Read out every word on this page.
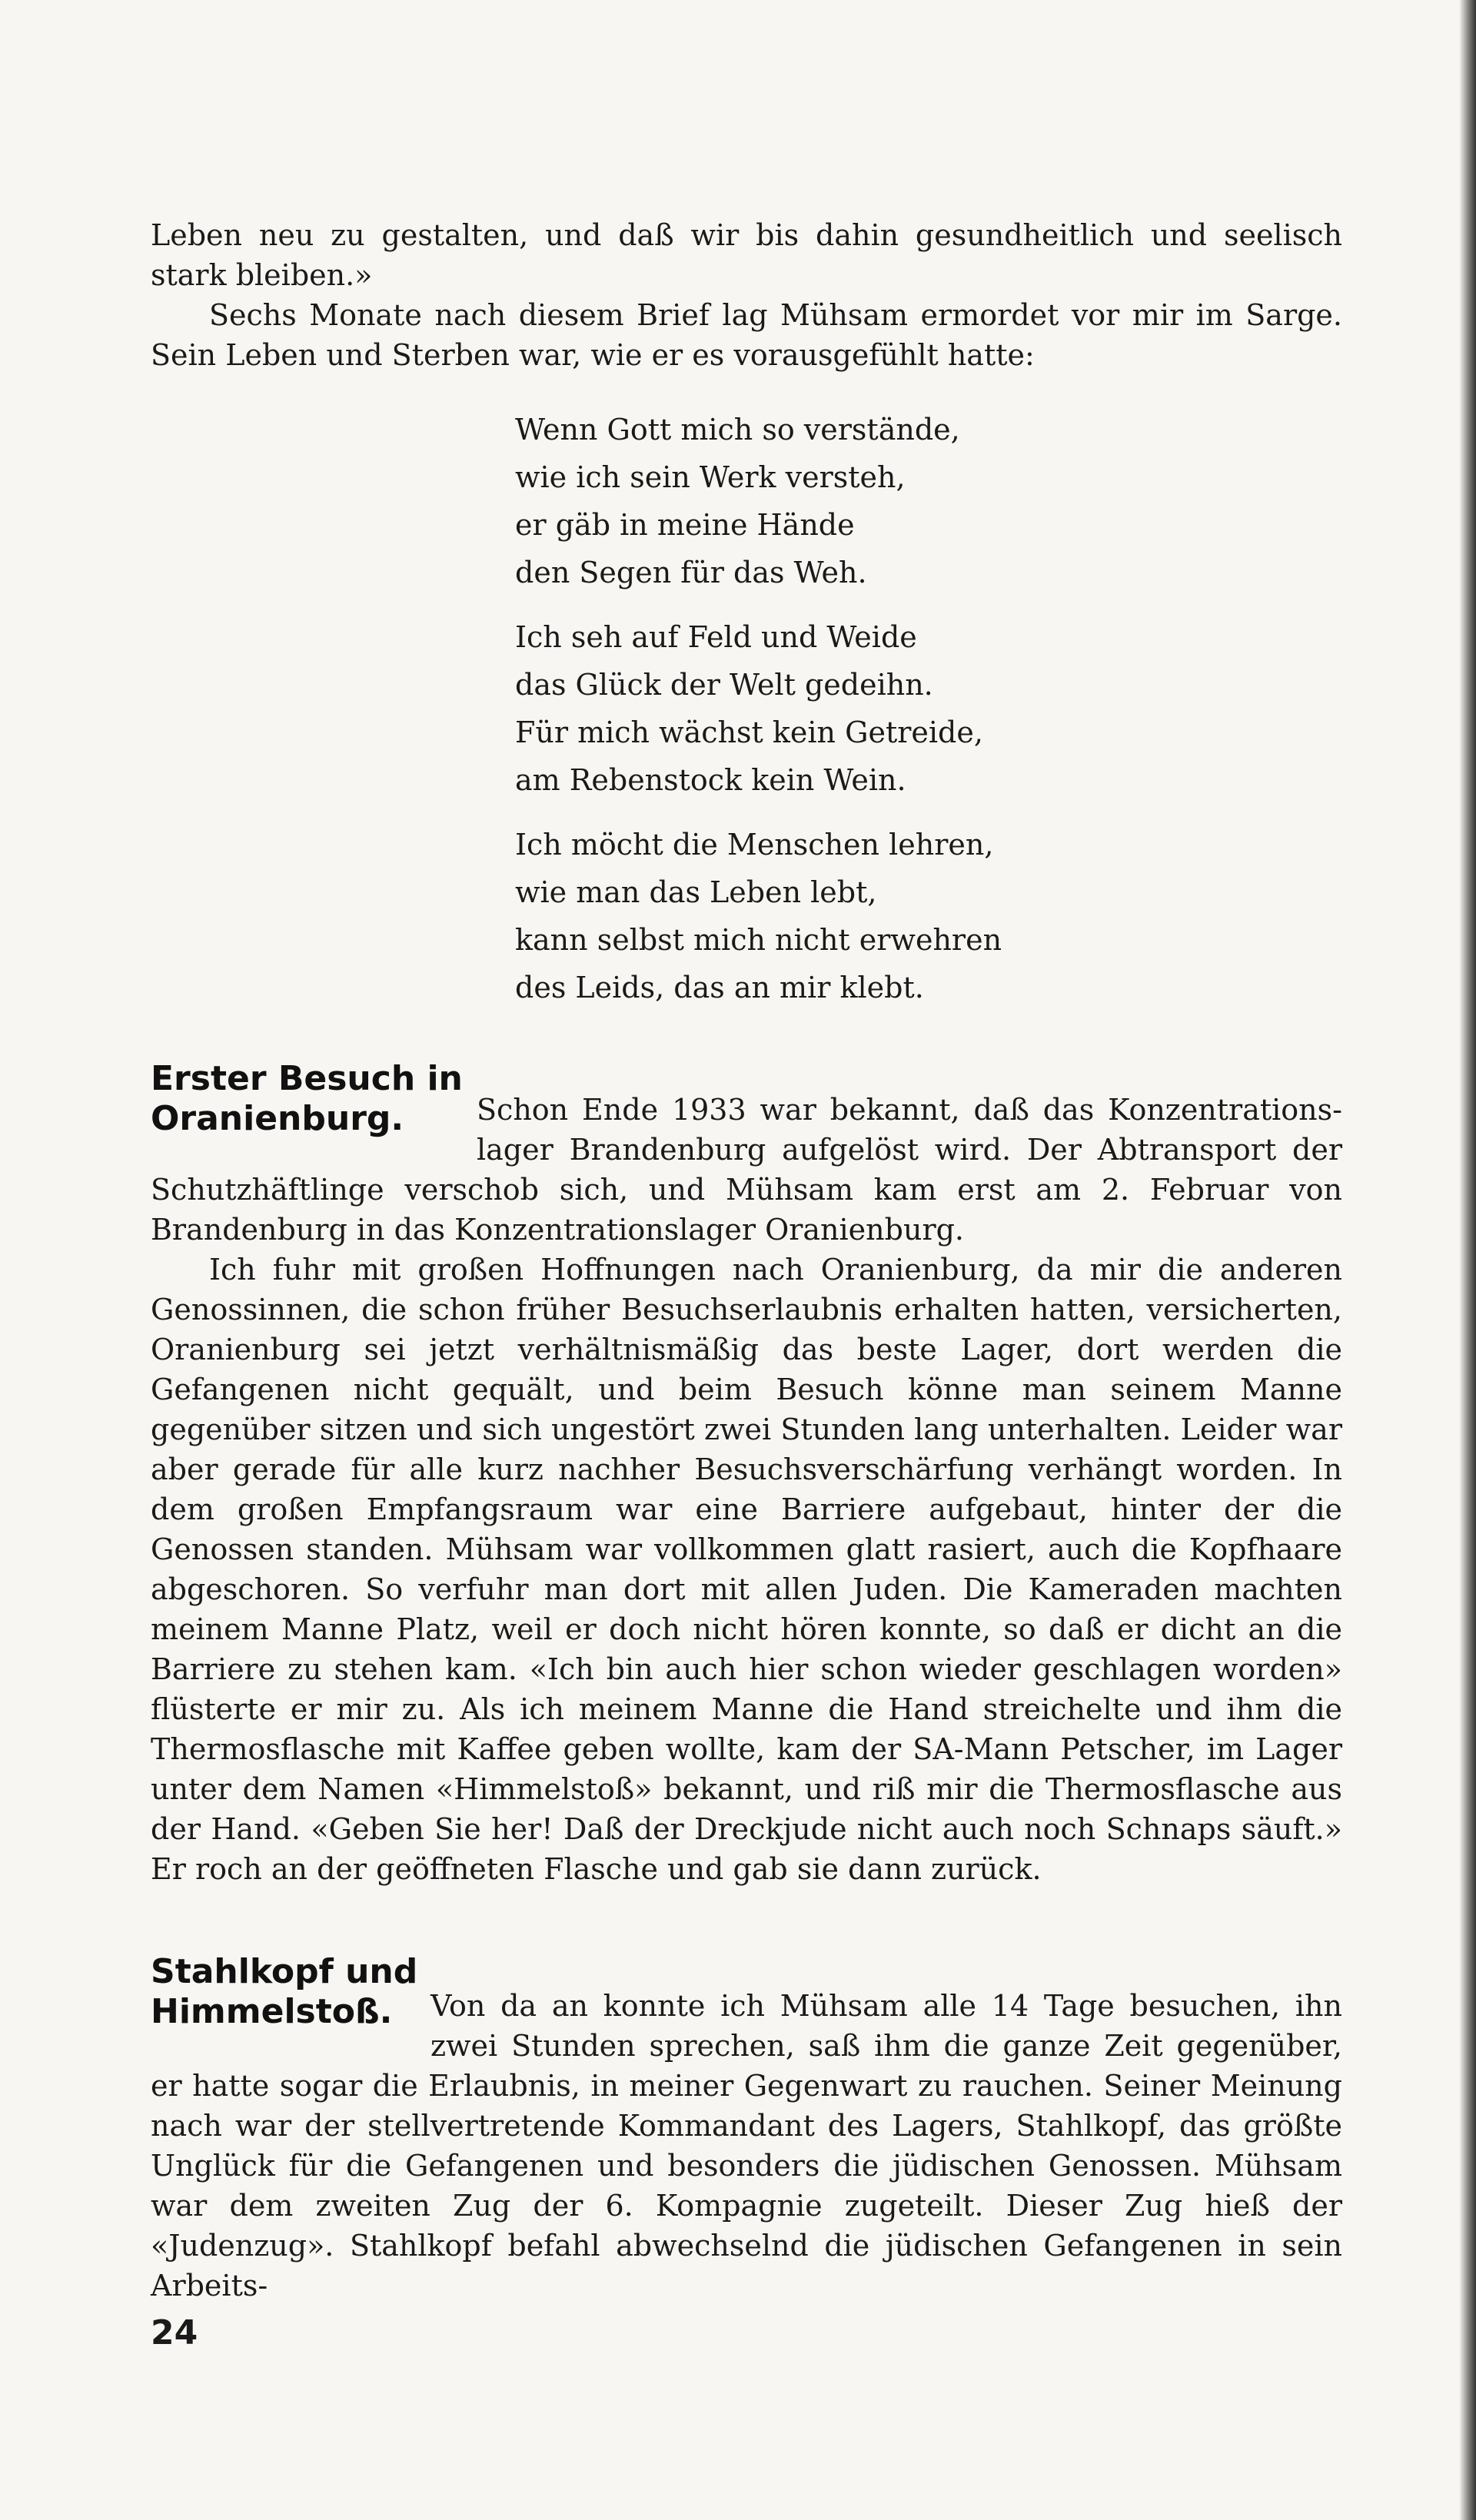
Leben neu zu gestalten, und daß wir bis dahin gesundheitlich und seelisch stark bleiben.»

Sechs Monate nach diesem Brief lag Mühsam ermordet vor mir im Sarge. Sein Leben und Sterben war, wie er es vorausgefühlt hatte:

Wenn Gott mich so verstände,
wie ich sein Werk versteh,
er gäb in meine Hände
den Segen für das Weh.
Ich seh auf Feld und Weide
das Glück der Welt gedeihn.
Für mich wächst kein Getreide,
am Rebenstock kein Wein.
Ich möcht die Menschen lehren,
wie man das Leben lebt,
kann selbst mich nicht erwehren
des Leids, das an mir klebt.
Erster Besuch in
Oranienburg.	Schon Ende 1933 war bekannt, daß das Konzentrations-
lager Brandenburg aufgelöst wird. Der Abtransport der

Schutzhäftlinge verschob sich, und Mühsam kam erst am 2. Februar von Brandenburg in das Konzentrationslager Oranienburg.

Ich fuhr mit großen Hoffnungen nach Oranienburg, da mir die anderen Genossinnen, die schon früher Besuchserlaubnis erhalten hatten, versicherten, Oranienburg sei jetzt verhältnismäßig das beste Lager, dort werden die Gefangenen nicht gequält, und beim Besuch könne man seinem Manne gegenüber sitzen und sich ungestört zwei Stunden lang unterhalten. Leider war aber gerade für alle kurz nachher Besuchsverschärfung verhängt worden. In dem großen Empfangsraum war eine Barriere aufgebaut, hinter der die Genossen standen. Mühsam war vollkommen glatt rasiert, auch die Kopfhaare abgeschoren. So verfuhr man dort mit allen Juden. Die Kameraden machten meinem Manne Platz, weil er doch nicht hören konnte, so daß er dicht an die Barriere zu stehen kam. «Ich bin auch hier schon wieder geschlagen worden» flüsterte er mir zu. Als ich meinem Manne die Hand streichelte und ihm die Thermosflasche mit Kaffee geben wollte, kam der SA-Mann Petscher, im Lager unter dem Namen «Himmelstoß» bekannt, und riß mir die Thermosflasche aus der Hand. «Geben Sie her! Daß der Dreckjude nicht auch noch Schnaps säuft.» Er roch an der geöffneten Flasche und gab sie dann zurück.

Stahlkopf und
Himmelstoß.	Von da an konnte ich Mühsam alle 14 Tage besuchen, ihn
zwei Stunden sprechen, saß ihm die ganze Zeit gegenüber,

er hatte sogar die Erlaubnis, in meiner Gegenwart zu rauchen. Seiner Meinung nach war der stellvertretende Kommandant des Lagers, Stahlkopf, das größte Unglück für die Gefangenen und besonders die jüdischen Genossen. Mühsam war dem zweiten Zug der 6. Kompagnie zugeteilt. Dieser Zug hieß der «Judenzug». Stahlkopf befahl abwechselnd die jüdischen Gefangenen in sein Arbeits-

24
